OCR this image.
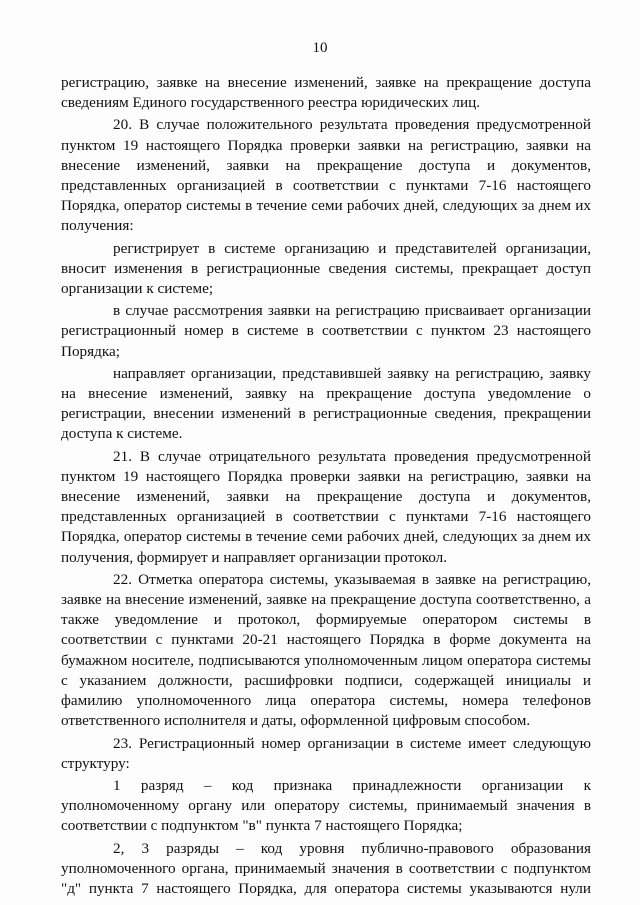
10

регистрацию, заявке на внесение изменений, заявке на прекращение доступа сведениям Единого государственного реестра юридических лиц.

20. В случае положительного результата проведения предусмотренной пунктом 19 настоящего Порядка проверки заявки на регистрацию, заявки на внесение изменений, заявки на прекращение доступа и документов, представленных организацией в соответствии с пунктами 7-16 настоящего Порядка, оператор системы в течение семи рабочих дней, следующих за днем их получения:

регистрирует в системе организацию и представителей организации, вносит изменения в регистрационные сведения системы, прекращает доступ организации к системе;

в случае рассмотрения заявки на регистрацию присваивает организации регистрационный номер в системе в соответствии с пунктом 23 настоящего Порядка;

направляет организации, представившей заявку на регистрацию, заявку на внесение изменений, заявку на прекращение доступа уведомление о регистрации, внесении изменений в регистрационные сведения, прекращении доступа к системе.

21. В случае отрицательного результата проведения предусмотренной пунктом 19 настоящего Порядка проверки заявки на регистрацию, заявки на внесение изменений, заявки на прекращение доступа и документов, представленных организацией в соответствии с пунктами 7-16 настоящего Порядка, оператор системы в течение семи рабочих дней, следующих за днем их получения, формирует и направляет организации протокол.

22. Отметка оператора системы, указываемая в заявке на регистрацию, заявке на внесение изменений, заявке на прекращение доступа соответственно, а также уведомление и протокол, формируемые оператором системы в соответствии с пунктами 20-21 настоящего Порядка в форме документа на бумажном носителе, подписываются уполномоченным лицом оператора системы с указанием должности, расшифровки подписи, содержащей инициалы и фамилию уполномоченного лица оператора системы, номера телефонов ответственного исполнителя и даты, оформленной цифровым способом.

23. Регистрационный номер организации в системе имеет следующую структуру:

1 разряд – код признака принадлежности организации к уполномоченному органу или оператору системы, принимаемый значения в соответствии с подпунктом "в" пункта 7 настоящего Порядка;

2, 3 разряды – код уровня публично-правового образования уполномоченного органа, принимаемый значения в соответствии с подпунктом "д" пункта 7 настоящего Порядка, для оператора системы указываются нули
